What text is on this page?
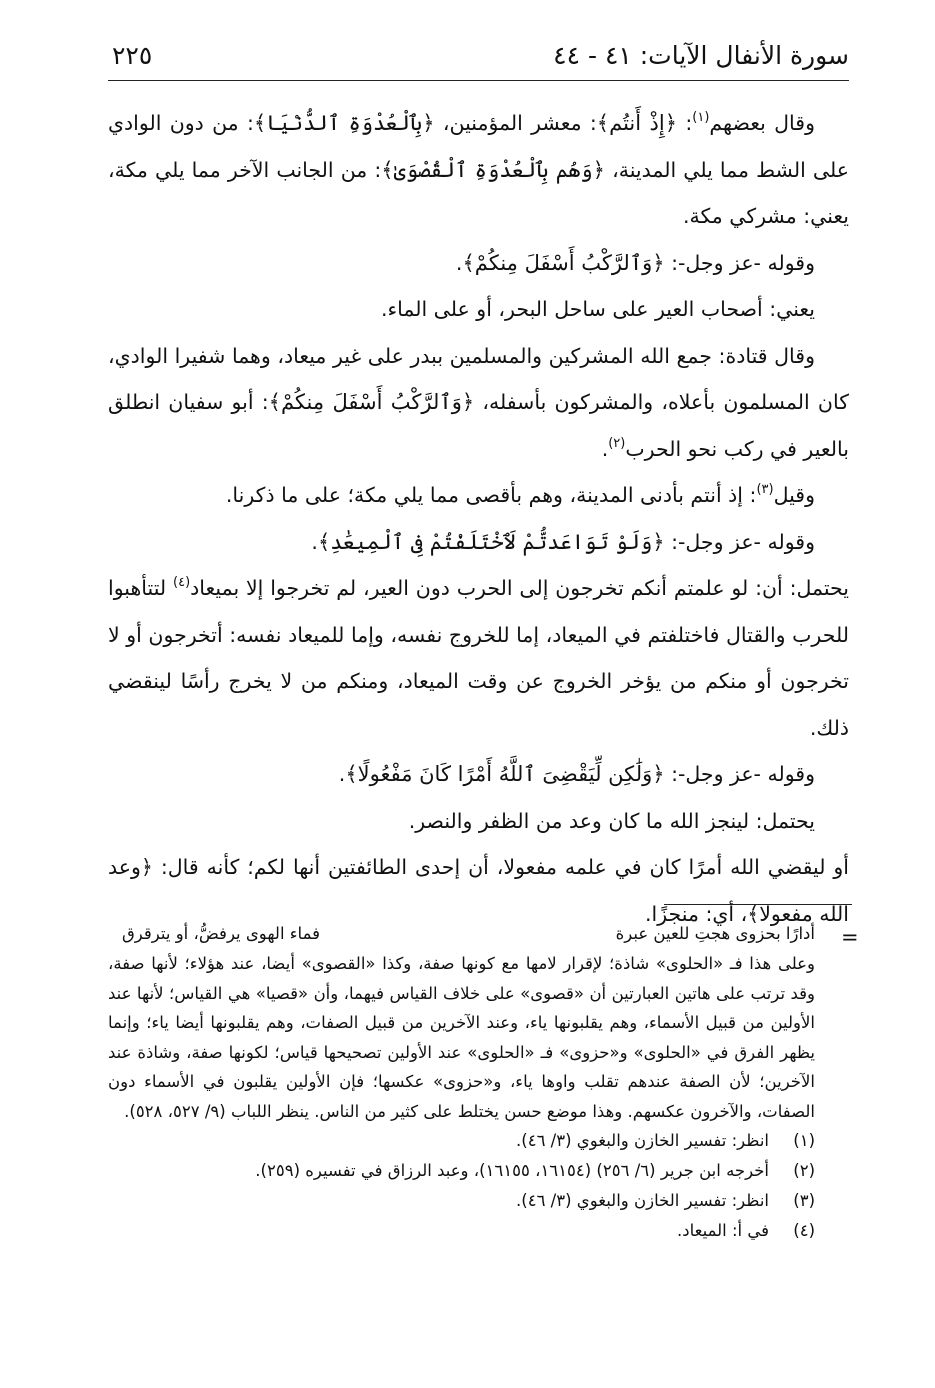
سورة الأنفال الآيات: ٤١ - ٤٤
٢٢٥

وقال بعضهم$^{(١)}$: ﴿إِذْ أَنتُم﴾: معشر المؤمنين، ﴿بِٱلْعُدْوَةِ ٱلدُّنْيَا﴾: من دون الوادي على الشط مما يلي المدينة، ﴿وَهُم بِٱلْعُدْوَةِ ٱلْقُصْوَىٰ﴾: من الجانب الآخر مما يلي مكة، يعني: مشركي مكة.

وقوله -عز وجل-: ﴿وَٱلرَّكْبُ أَسْفَلَ مِنكُمْ﴾.

يعني: أصحاب العير على ساحل البحر، أو على الماء.

وقال قتادة: جمع الله المشركين والمسلمين ببدر على غير ميعاد، وهما شفيرا الوادي، كان المسلمون بأعلاه، والمشركون بأسفله، ﴿وَٱلرَّكْبُ أَسْفَلَ مِنكُمْ﴾: أبو سفيان انطلق بالعير في ركب نحو الحرب$^{(٢)}$.

وقيل$^{(٣)}$: إذ أنتم بأدنى المدينة، وهم بأقصى مما يلي مكة؛ على ما ذكرنا.

وقوله -عز وجل-: ﴿وَلَوْ تَوَاعَدتُّمْ لَٱخْتَلَفْتُمْ فِى ٱلْمِيعَٰدِ﴾.

يحتمل: أن: لو علمتم أنكم تخرجون إلى الحرب دون العير، لم تخرجوا إلا بميعاد$^{(٤)}$ لتتأهبوا للحرب والقتال فاختلفتم في الميعاد، إما للخروج نفسه، وإما للميعاد نفسه: أتخرجون أو لا تخرجون أو منكم من يؤخر الخروج عن وقت الميعاد، ومنكم من لا يخرج رأسًا لينقضي ذلك.

وقوله -عز وجل-: ﴿وَلَٰكِن لِّيَقْضِىَ ٱللَّهُ أَمْرًا كَانَ مَفْعُولًا﴾.

يحتمل: لينجز الله ما كان وعد من الظفر والنصر.

أو ليقضي الله أمرًا كان في علمه مفعولا، أن إحدى الطائفتين أنها لكم؛ كأنه قال: ﴿وعد الله مفعولا﴾، أي: منجزًا.

=
أدارًا بحزوى هجتِ للعين عبرة
فماء الهوى يرفضُّ، أو يترقرق

وعلى هذا فـ «الحلوى» شاذة؛ لإقرار لامها مع كونها صفة، وكذا «القصوى» أيضا، عند هؤلاء؛ لأنها صفة، وقد ترتب على هاتين العبارتين أن «قصوى» على خلاف القياس فيهما، وأن «قصيا» هي القياس؛ لأنها عند الأولين من قبيل الأسماء، وهم يقلبونها ياء، وعند الآخرين من قبيل الصفات، وهم يقلبونها أيضا ياء؛ وإنما يظهر الفرق في «الحلوى» و«حزوى» فـ «الحلوى» عند الأولين تصحيحها قياس؛ لكونها صفة، وشاذة عند الآخرين؛ لأن الصفة عندهم تقلب واوها ياء، و«حزوى» عكسها؛ فإن الأولين يقلبون في الأسماء دون الصفات، والآخرون عكسهم. وهذا موضع حسن يختلط على كثير من الناس. ينظر اللباب (٩/ ٥٢٧، ٥٢٨).

(١)
انظر: تفسير الخازن والبغوي (٣/ ٤٦).
(٢)
أخرجه ابن جرير (٦/ ٢٥٦) (١٦١٥٤، ١٦١٥٥)، وعبد الرزاق في تفسيره (٢٥٩).
(٣)
انظر: تفسير الخازن والبغوي (٣/ ٤٦).
(٤)
في أ: الميعاد.
